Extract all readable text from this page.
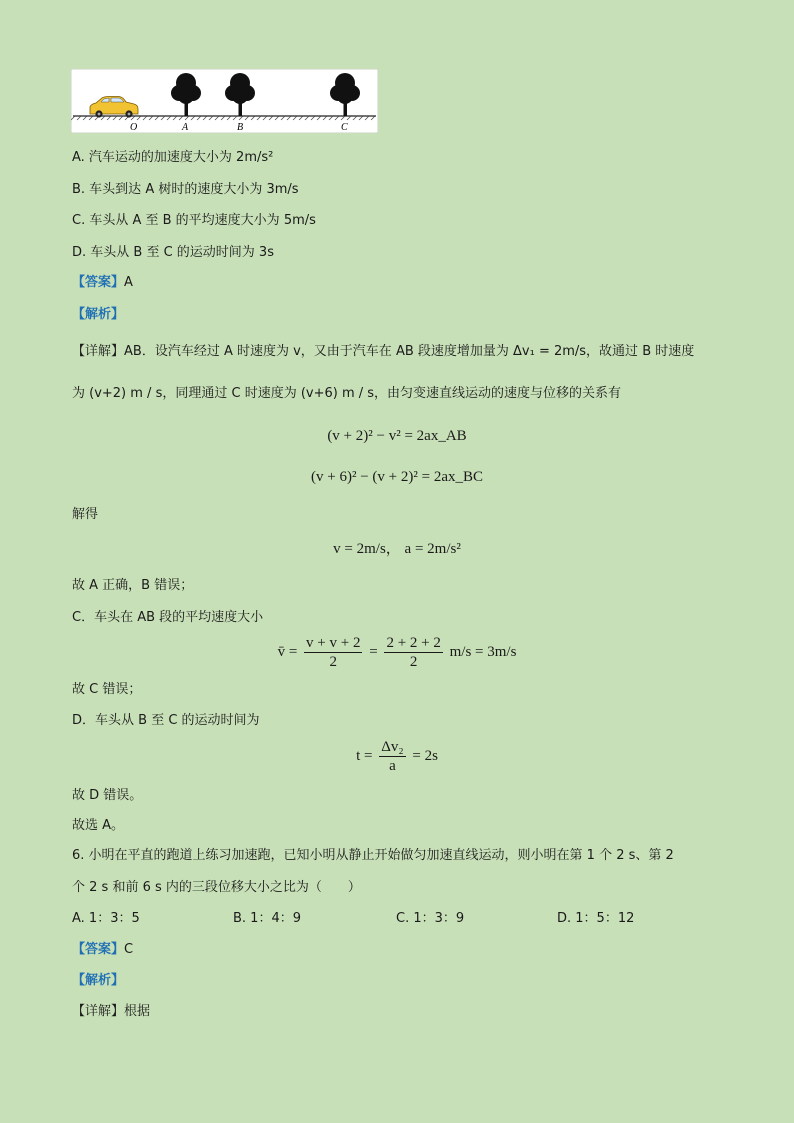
O	A	B	C
A. 汽车运动的加速度大小为 2m/s²
B. 车头到达 A 树时的速度大小为 3m/s
C. 车头从 A 至 B 的平均速度大小为 5m/s
D. 车头从 B 至 C 的运动时间为 3s
【答案】A
【解析】
【详解】AB．设汽车经过 A 时速度为 v，又由于汽车在 AB 段速度增加量为 Δv₁ = 2m/s，故通过 B 时速度
为 (v+2) m / s，同理通过 C 时速度为 (v+6) m / s，由匀变速直线运动的速度与位移的关系有
(v + 2)² − v² = 2ax_AB
(v + 6)² − (v + 2)² = 2ax_BC
解得
v = 2m/s， a = 2m/s²
故 A 正确，B 错误；
C．车头在 AB 段的平均速度大小
v̄ = $\frac{v + v + 2}{2} = \frac{2 + 2 + 2}{2} m/s = 3m/s$
故 C 错误；
D．车头从 B 至 C 的运动时间为
$t = \frac{\text{Δv₂}}{a} = 2s$
故 D 错误。
故选 A。
6. 小明在平直的跑道上练习加速跑，已知小明从静止开始做匀加速直线运动，则小明在第 1 个 2 s、第 2
个 2 s 和前 6 s 内的三段位移大小之比为（　　）
A. 1：3：5	B. 1：4：9	C. 1：3：9	D. 1：5：12
【答案】C
【解析】
【详解】根据
